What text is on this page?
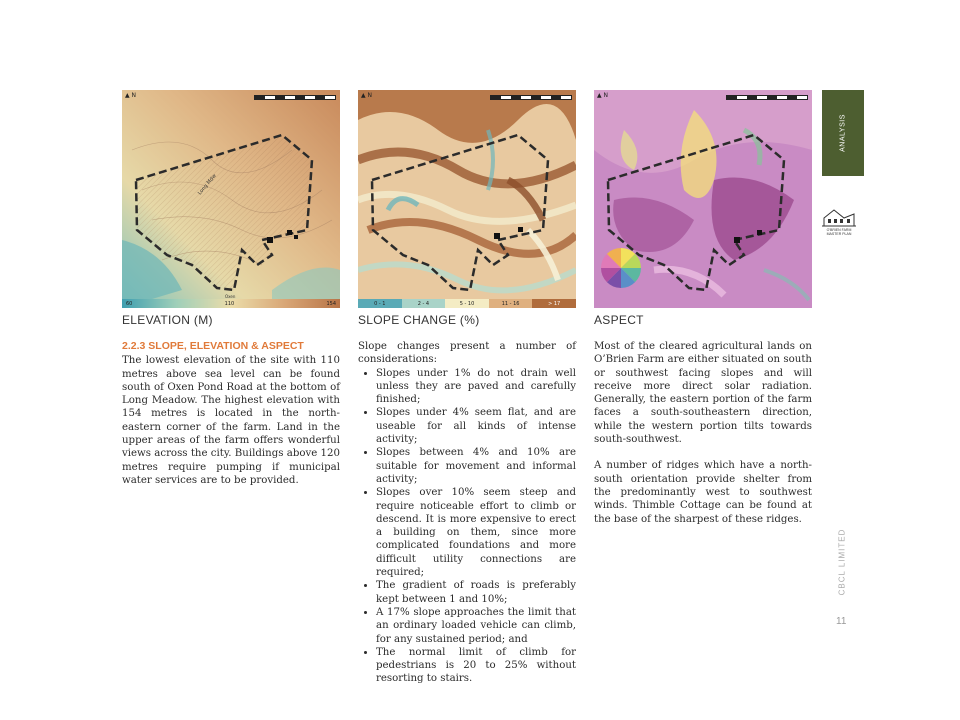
Long Mdw
Oxen
▲ N
60	110	154
ELEVATION (M)
▲ N
0 - 1	2 - 4	5 - 10	11 - 16	> 17
SLOPE CHANGE (%)
▲ N
ASPECT

2.2.3 SLOPE, ELEVATION & ASPECT

The lowest elevation of the site with 110 metres above sea level can be found south of Oxen Pond Road at the bottom of Long Meadow. The highest elevation with 154 metres is located in the north-eastern corner of the farm. Land in the upper areas of the farm offers wonderful views across the city. Buildings above 120 metres require pumping if municipal water services are to be provided.

Slope changes present a number of considerations:

• Slopes under 1% do not drain well unless they are paved and carefully finished;
• Slopes under 4% seem flat, and are useable for all kinds of intense activity;
• Slopes between 4% and 10% are suitable for movement and informal activity;
• Slopes over 10% seem steep and require noticeable effort to climb or descend. It is more expensive to erect a building on them, since more complicated foundations and more difficult utility connections are required;
• The gradient of roads is preferably kept between 1 and 10%;
• A 17% slope approaches the limit that an ordinary loaded vehicle can climb, for any sustained period; and
• The normal limit of climb for pedestrians is 20 to 25% without resorting to stairs.

Most of the cleared agricultural lands on O’Brien Farm are either situated on south or southwest facing slopes and will receive more direct solar radiation. Generally, the eastern portion of the farm faces a south-southeastern direction, while the western portion tilts towards south-southwest.

A number of ridges which have a north-south orientation provide shelter from the predominantly west to southwest winds. Thimble Cottage can be found at the base of the sharpest of these ridges.

ANALYSIS
O'BRIEN FARM MASTER PLAN
CBCL LIMITED
11
